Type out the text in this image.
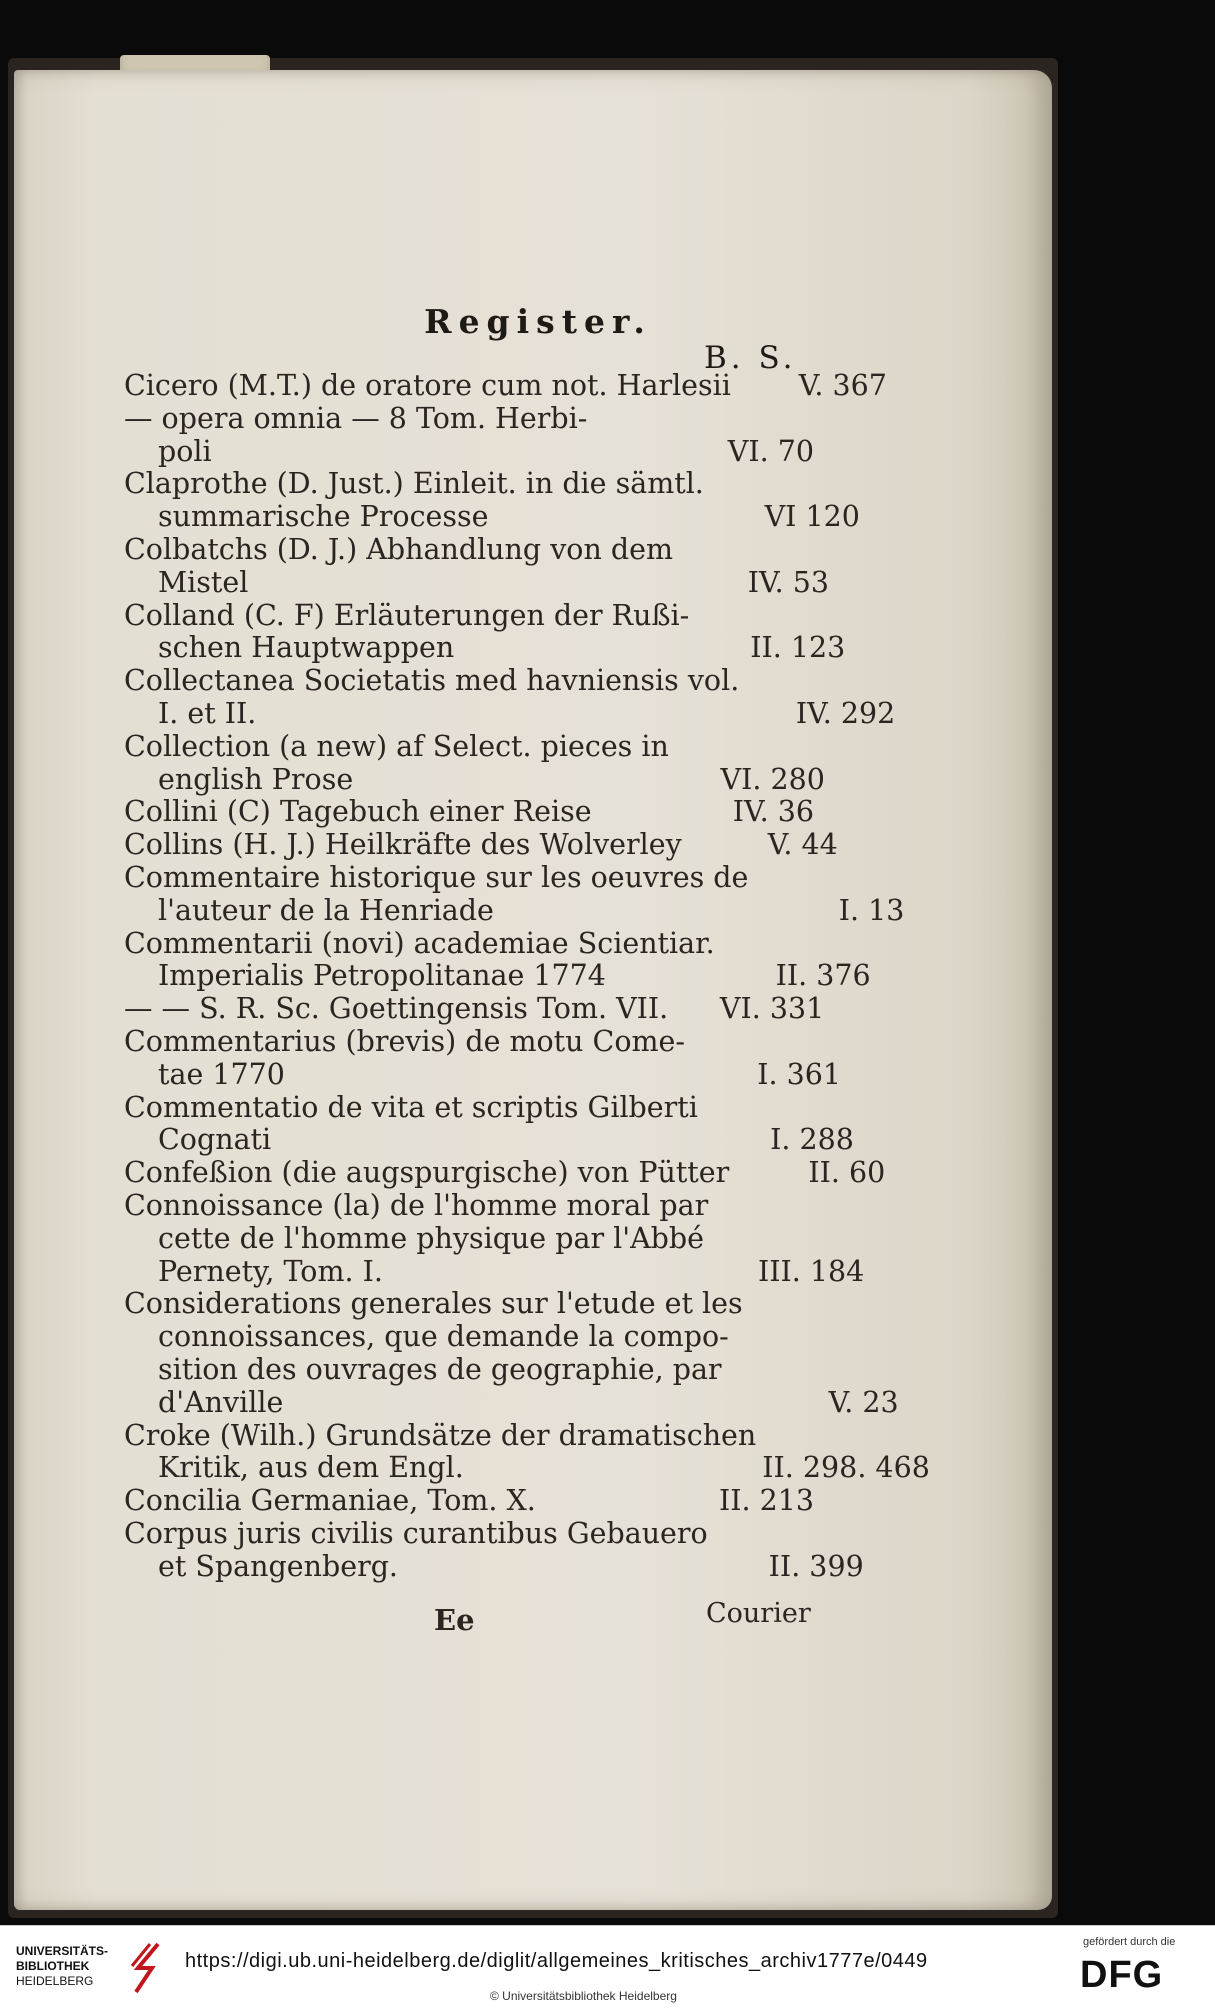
Register.
B. S.
Cicero (M.T.) de oratore cum not. Harlesii	V. 367
— opera omnia — 8 Tom. Herbi-
poli	VI. 70
Claprothe (D. Just.) Einleit. in die sämtl.
summarische Processe	VI 120
Colbatchs (D. J.) Abhandlung von dem
Mistel	IV. 53
Colland (C. F) Erläuterungen der Rußi-
schen Hauptwappen	II. 123
Collectanea Societatis med havniensis vol.
I. et II.	IV. 292
Collection (a new) af Select. pieces in
english Prose	VI. 280
Collini (C) Tagebuch einer Reise	IV. 36
Collins (H. J.) Heilkräfte des Wolverley	V. 44
Commentaire historique sur les oeuvres de
l'auteur de la Henriade	I. 13
Commentarii (novi) academiae Scientiar.
Imperialis Petropolitanae 1774	II. 376
— — S. R. Sc. Goettingensis Tom. VII.	VI. 331
Commentarius (brevis) de motu Come-
tae 1770	I. 361
Commentatio de vita et scriptis Gilberti
Cognati	I. 288
Confeßion (die augspurgische) von Pütter	II. 60
Connoissance (la) de l'homme moral par
cette de l'homme physique par l'Abbé
Pernety, Tom. I.	III. 184
Considerations generales sur l'etude et les
connoissances, que demande la compo-
sition des ouvrages de geographie, par
d'Anville	V. 23
Croke (Wilh.) Grundsätze der dramatischen
Kritik, aus dem Engl.	II. 298. 468
Concilia Germaniae, Tom. X.	II. 213
Corpus juris civilis curantibus Gebauero
et Spangenberg.	II. 399
Ee	Courier
UNIVERSITÄTS-
BIBLIOTHEK
HEIDELBERG
https://digi.ub.uni-heidelberg.de/diglit/allgemeines_kritisches_archiv1777e/0449
© Universitätsbibliothek Heidelberg
gefördert durch die
DFG
